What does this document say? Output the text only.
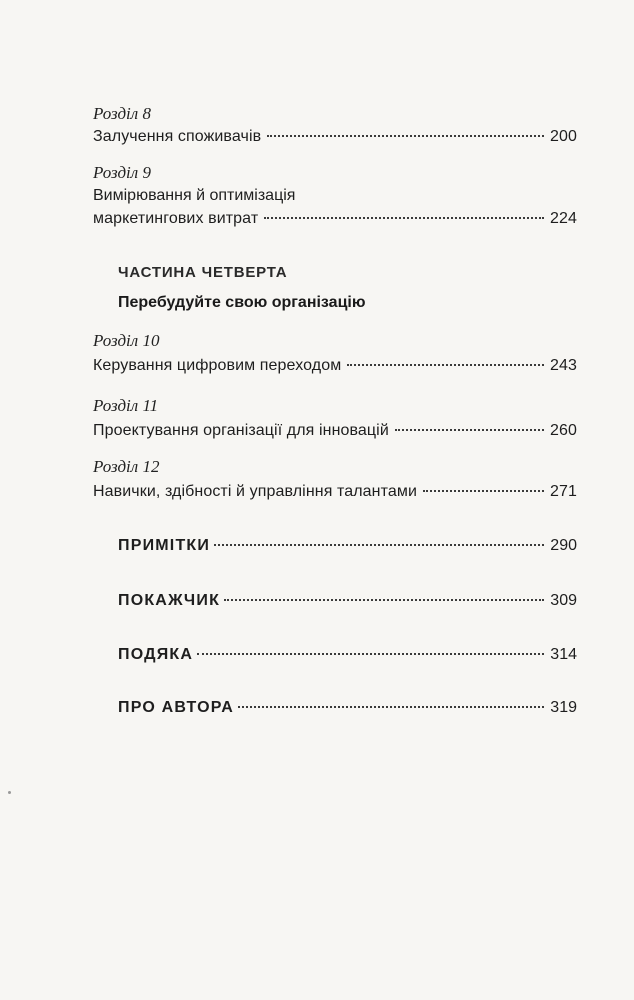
Розділ 8
Залучення споживачів	200
Розділ 9
Вимірювання й оптимізація
маркетингових витрат	224
ЧАСТИНА ЧЕТВЕРТА
Перебудуйте свою організацію
Розділ 10
Керування цифровим переходом	243
Розділ 11
Проектування організації для інновацій	260
Розділ 12
Навички, здібності й управління талантами	271
ПРИМІТКИ	290
ПОКАЖЧИК	309
ПОДЯКА	314
ПРО АВТОРА	319
